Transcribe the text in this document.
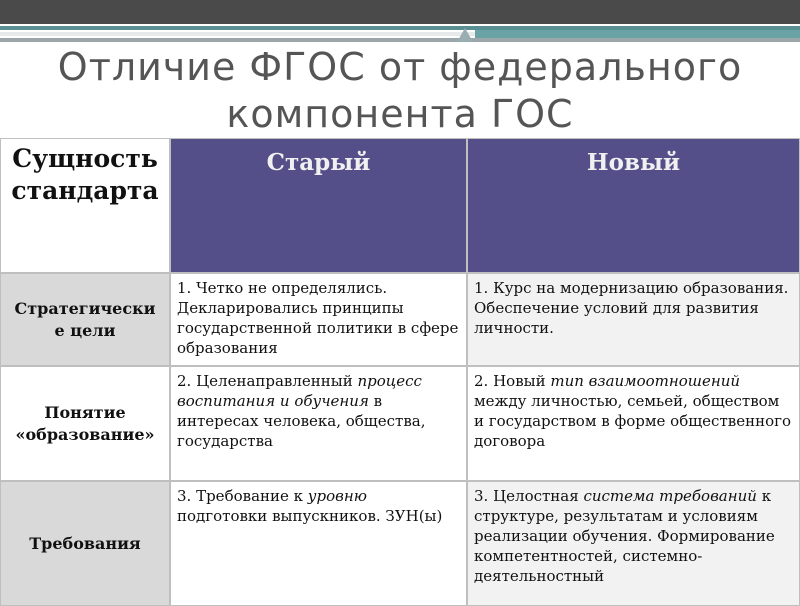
Отличие ФГОС от федерального
компонента ГОС
Сущность стандарта
Старый	Новый
Стратегические цели
1. Четко не определялись. Декларировались принципы государственной политики в сфере образования
1. Курс на модернизацию образования. Обеспечение условий для развития личности.
Понятие «образование»
2. Целенаправленный процесс воспитания и обучения в интересах человека, общества, государства
2. Новый тип взаимоотношений между личностью, семьей, обществом и государством в форме общественного договора
Требования
3. Требование к уровню подготовки выпускников. ЗУН(ы)
3. Целостная система требований к структуре, результатам и условиям реализации обучения. Формирование компетентностей, системно-деятельностный
